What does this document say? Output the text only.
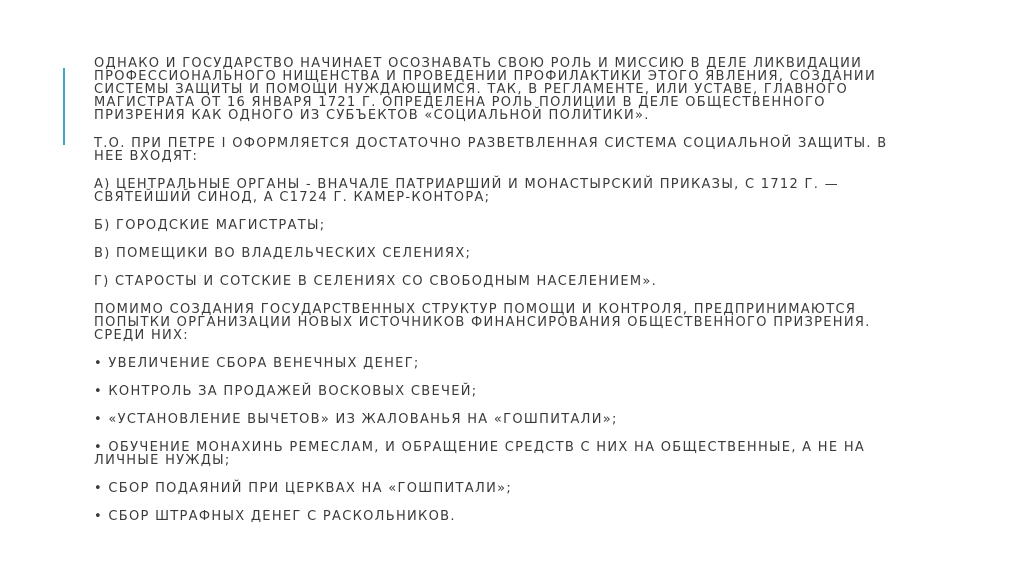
ОДНАКО И ГОСУДАРСТВО НАЧИНАЕТ ОСОЗНАВАТЬ СВОЮ РОЛЬ И МИССИЮ В ДЕЛЕ ЛИКВИДАЦИИ ПРОФЕССИОНАЛЬНОГО НИЩЕНСТВА И ПРОВЕДЕНИИ ПРОФИЛАКТИКИ ЭТОГО ЯВЛЕНИЯ, СОЗДАНИИ СИСТЕМЫ ЗАЩИТЫ И ПОМОЩИ НУЖДАЮЩИМСЯ. ТАК, В РЕГЛАМЕНТЕ, ИЛИ УСТАВЕ, ГЛАВНОГО МАГИСТРАТА ОТ 16 ЯНВАРЯ 1721 Г. ОПРЕДЕЛЕНА РОЛЬ ПОЛИЦИИ В ДЕЛЕ ОБЩЕСТВЕННОГО ПРИЗРЕНИЯ КАК ОДНОГО ИЗ СУБЪЕКТОВ «СОЦИАЛЬНОЙ ПОЛИТИКИ».

Т.О. ПРИ ПЕТРЕ I ОФОРМЛЯЕТСЯ ДОСТАТОЧНО РАЗВЕТВЛЕННАЯ СИСТЕМА СОЦИАЛЬНОЙ ЗАЩИТЫ. В НЕЕ ВХОДЯТ:

А) ЦЕНТРАЛЬНЫЕ ОРГАНЫ - ВНАЧАЛЕ ПАТРИАРШИЙ И МОНАСТЫРСКИЙ ПРИКАЗЫ, С 1712 Г. — СВЯТЕЙШИЙ СИНОД, А С1724 Г. КАМЕР-КОНТОРА;

Б) ГОРОДСКИЕ МАГИСТРАТЫ;

В) ПОМЕЩИКИ ВО ВЛАДЕЛЬЧЕСКИХ СЕЛЕНИЯХ;

Г) СТАРОСТЫ И СОТСКИЕ В СЕЛЕНИЯХ СО СВОБОДНЫМ НАСЕЛЕНИЕМ».

ПОМИМО СОЗДАНИЯ ГОСУДАРСТВЕННЫХ СТРУКТУР ПОМОЩИ И КОНТРОЛЯ, ПРЕДПРИНИМАЮТСЯ ПОПЫТКИ ОРГАНИЗАЦИИ НОВЫХ ИСТОЧНИКОВ ФИНАНСИРОВАНИЯ ОБЩЕСТВЕННОГО ПРИЗРЕНИЯ. СРЕДИ НИХ:

• УВЕЛИЧЕНИЕ СБОРА ВЕНЕЧНЫХ ДЕНЕГ;

• КОНТРОЛЬ ЗА ПРОДАЖЕЙ ВОСКОВЫХ СВЕЧЕЙ;

• «УСТАНОВЛЕНИЕ ВЫЧЕТОВ» ИЗ ЖАЛОВАНЬЯ НА «ГОШПИТАЛИ»;

• ОБУЧЕНИЕ МОНАХИНЬ РЕМЕСЛАМ, И ОБРАЩЕНИЕ СРЕДСТВ С НИХ НА ОБЩЕСТВЕННЫЕ, А НЕ НА ЛИЧНЫЕ НУЖДЫ;

• СБОР ПОДАЯНИЙ ПРИ ЦЕРКВАХ НА «ГОШПИТАЛИ»;

• СБОР ШТРАФНЫХ ДЕНЕГ С РАСКОЛЬНИКОВ.
